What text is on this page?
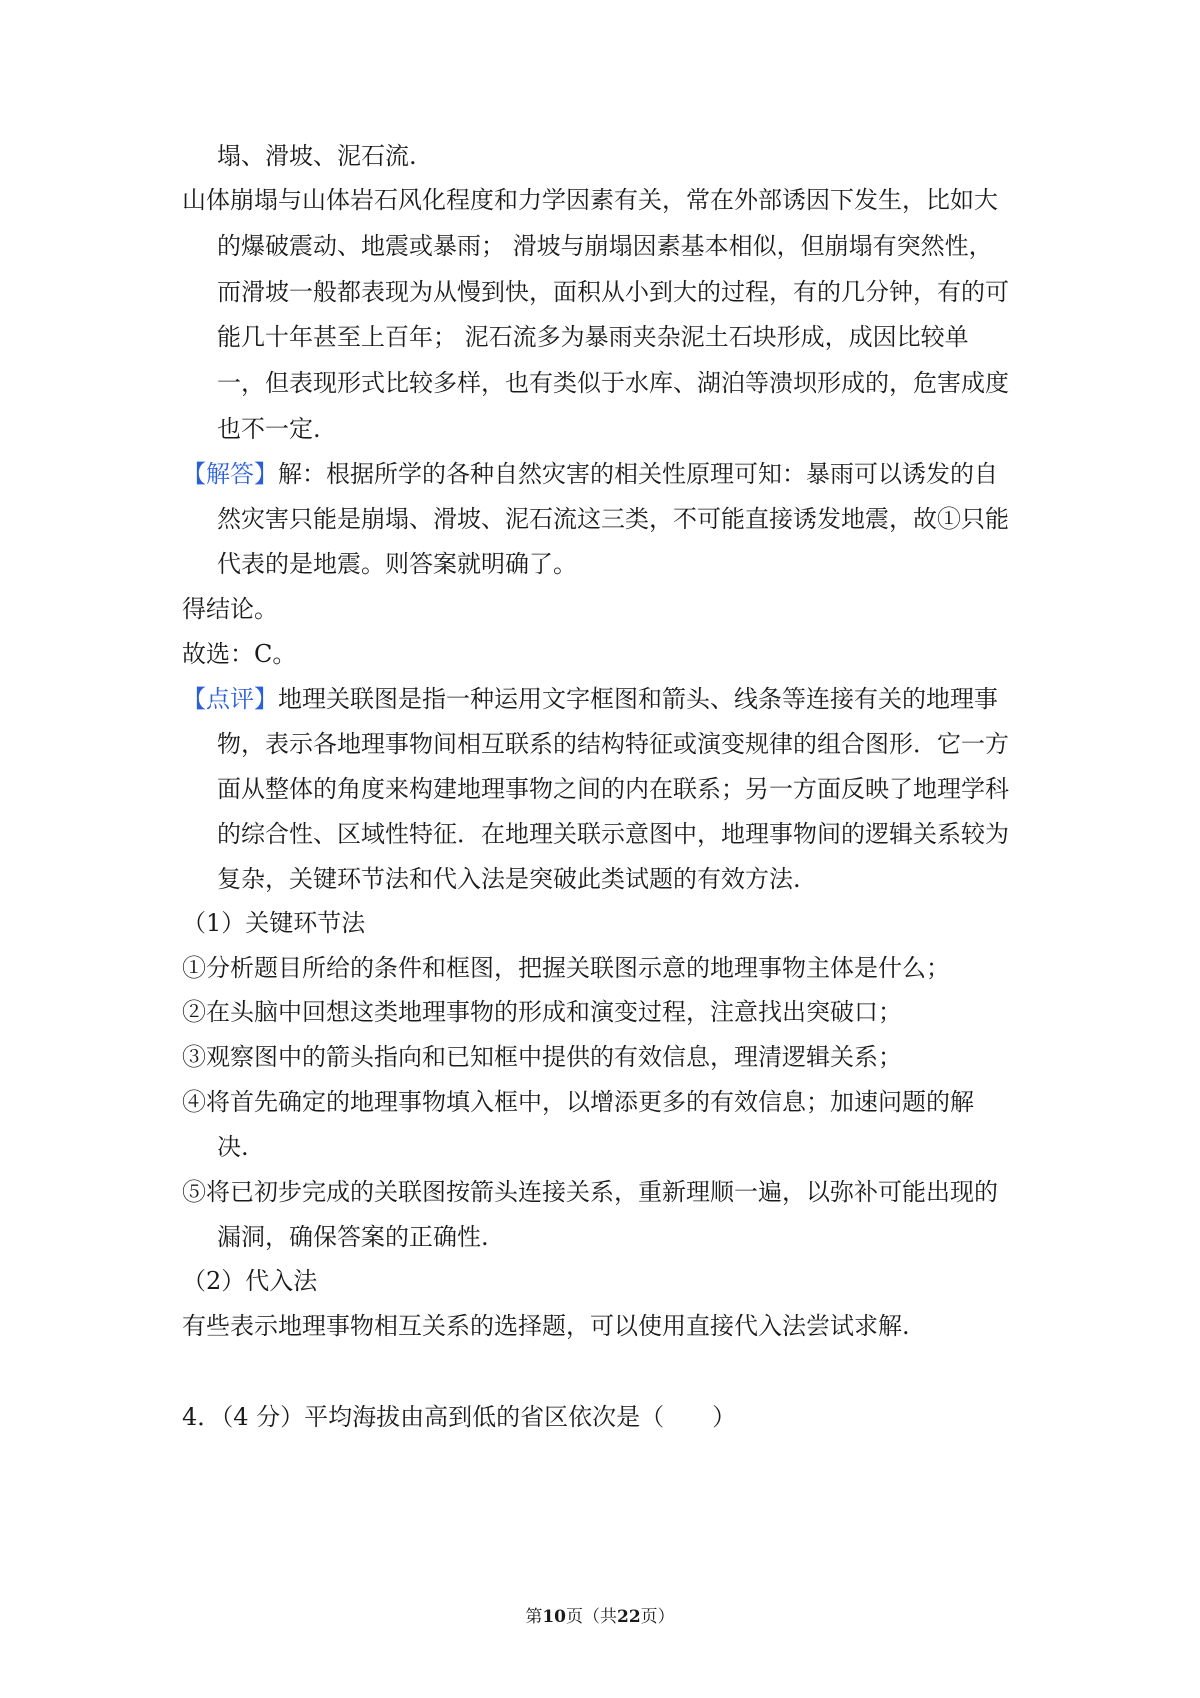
塌、滑坡、泥石流.
山体崩塌与山体岩石风化程度和力学因素有关，常在外部诱因下发生，比如大
的爆破震动、地震或暴雨； 滑坡与崩塌因素基本相似，但崩塌有突然性，
而滑坡一般都表现为从慢到快，面积从小到大的过程，有的几分钟，有的可
能几十年甚至上百年； 泥石流多为暴雨夹杂泥土石块形成，成因比较单
一，但表现形式比较多样，也有类似于水库、湖泊等溃坝形成的，危害成度
也不一定.
【解答】解：根据所学的各种自然灾害的相关性原理可知：暴雨可以诱发的自
然灾害只能是崩塌、滑坡、泥石流这三类，不可能直接诱发地震，故①只能
代表的是地震。则答案就明确了。
得结论。
故选：C。
【点评】地理关联图是指一种运用文字框图和箭头、线条等连接有关的地理事
物，表示各地理事物间相互联系的结构特征或演变规律的组合图形．它一方
面从整体的角度来构建地理事物之间的内在联系；另一方面反映了地理学科
的综合性、区域性特征．在地理关联示意图中，地理事物间的逻辑关系较为
复杂，关键环节法和代入法是突破此类试题的有效方法.
（1）关键环节法
①分析题目所给的条件和框图，把握关联图示意的地理事物主体是什么；
②在头脑中回想这类地理事物的形成和演变过程，注意找出突破口；
③观察图中的箭头指向和已知框中提供的有效信息，理清逻辑关系；
④将首先确定的地理事物填入框中，以增添更多的有效信息；加速问题的解
决.
⑤将已初步完成的关联图按箭头连接关系，重新理顺一遍，以弥补可能出现的
漏洞，确保答案的正确性.
（2）代入法
有些表示地理事物相互关系的选择题，可以使用直接代入法尝试求解.
4．（4 分）平均海拔由高到低的省区依次是（　　）
第10页（共22页）
